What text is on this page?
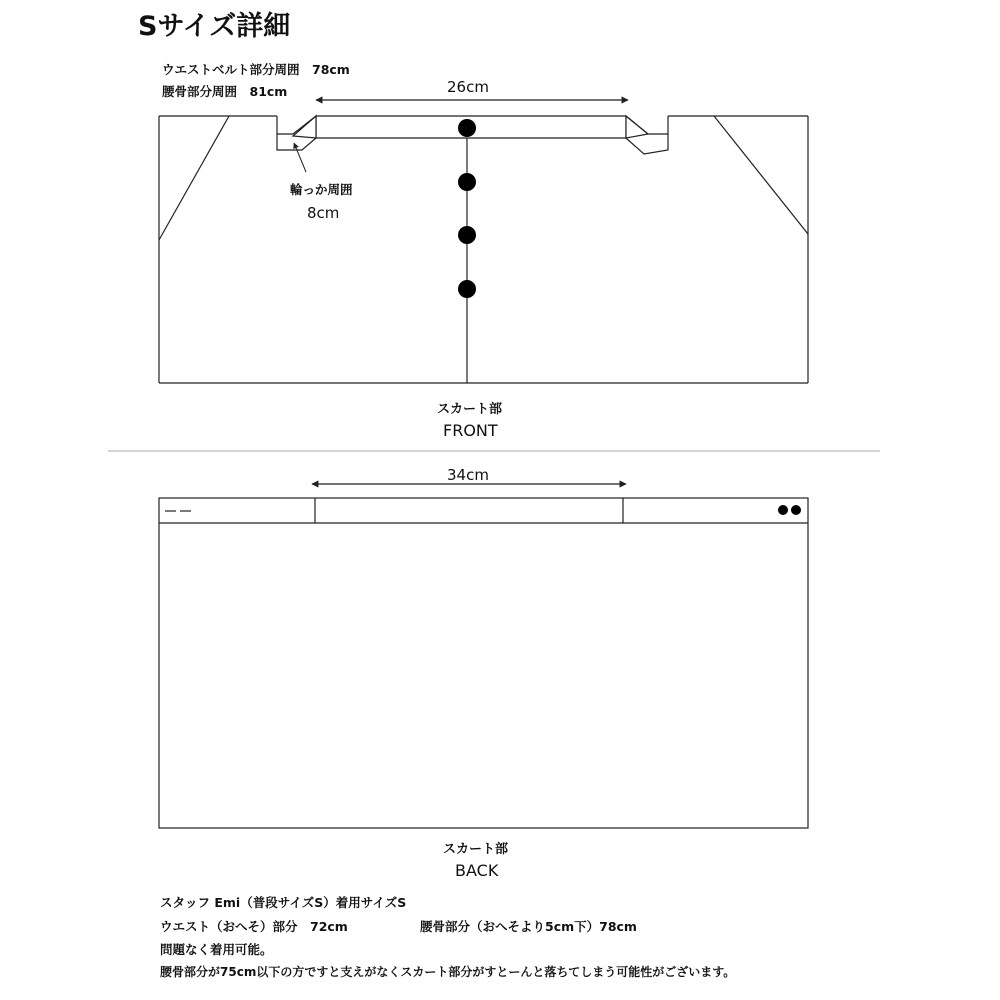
Sサイズ詳細
ウエストベルト部分周囲　78cm
腰骨部分周囲　81cm	26cm
輪っか周囲
8cm
スカート部
FRONT
34cm
スカート部
BACK
スタッフ Emi（普段サイズS）着用サイズS
ウエスト（おへそ）部分　72cm	腰骨部分（おへそより5cm下）78cm
問題なく着用可能。
腰骨部分が75cm以下の方ですと支えがなくスカート部分がすとーんと落ちてしまう可能性がございます。
